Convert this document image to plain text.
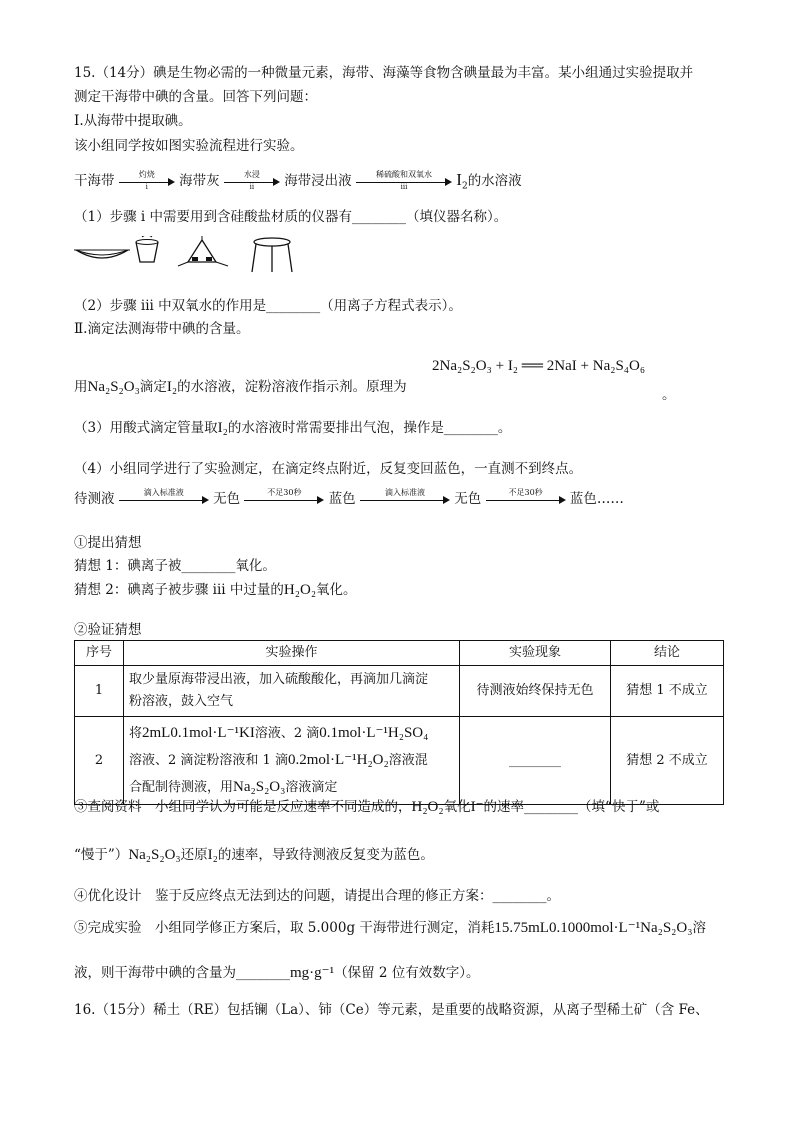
15.（14分）碘是生物必需的一种微量元素，海带、海藻等食物含碘量最为丰富。某小组通过实验提取并
测定干海带中碘的含量。回答下列问题：
Ⅰ.从海带中提取碘。
该小组同学按如图实验流程进行实验。
干海带	灼烧
i	海带灰	水浸
ii	海带浸出液	稀硫酸和双氧水
iii	$I_2$的水溶液
（1）步骤 i 中需要用到含硅酸盐材质的仪器有________（填仪器名称）。
（2）步骤 iii 中双氧水的作用是________（用离子方程式表示）。
Ⅱ.滴定法测海带中碘的含量。
2Na₂S₂O₃ + I₂ ══ 2NaI + Na₂S₄O₆
用Na₂S₂O₃滴定I₂的水溶液，淀粉溶液作指示剂。原理为	。
（3）用酸式滴定管量取I₂的水溶液时常需要排出气泡，操作是________。
（4）小组同学进行了实验测定，在滴定终点附近，反复变回蓝色，一直测不到终点。
待测液	滴入标准液	无色	不足30秒	蓝色	滴入标准液	无色	不足30秒	蓝色……
①提出猜想
猜想 1：碘离子被________氧化。
猜想 2：碘离子被步骤 iii 中过量的H₂O₂氧化。
②验证猜想
序号	实验操作	实验现象	结论
1	取少量原海带浸出液，加入硫酸酸化，再滴加几滴淀
粉溶液，鼓入空气	待测液始终保持无色	猜想 1 不成立
2	将2mL0.1mol·L⁻¹KI溶液、2 滴0.1mol·L⁻¹H₂SO₄
溶液、2 滴淀粉溶液和 1 滴0.2mol·L⁻¹H₂O₂溶液混
合配制待测液，用Na₂S₂O₃溶液滴定	________	猜想 2 不成立
③查阅资料　小组同学认为可能是反应速率不同造成的，H₂O₂氧化I⁻的速率________（填“快于”或
“慢于”）Na₂S₂O₃还原I₂的速率，导致待测液反复变为蓝色。
④优化设计　鉴于反应终点无法到达的问题，请提出合理的修正方案：________。
⑤完成实验　小组同学修正方案后，取 5.000g 干海带进行测定，消耗15.75mL0.1000mol·L⁻¹Na₂S₂O₃溶
液，则干海带中碘的含量为________mg·g⁻¹（保留 2 位有效数字）。
16.（15分）稀土（RE）包括镧（La）、铈（Ce）等元素，是重要的战略资源，从离子型稀土矿（含 Fe、
